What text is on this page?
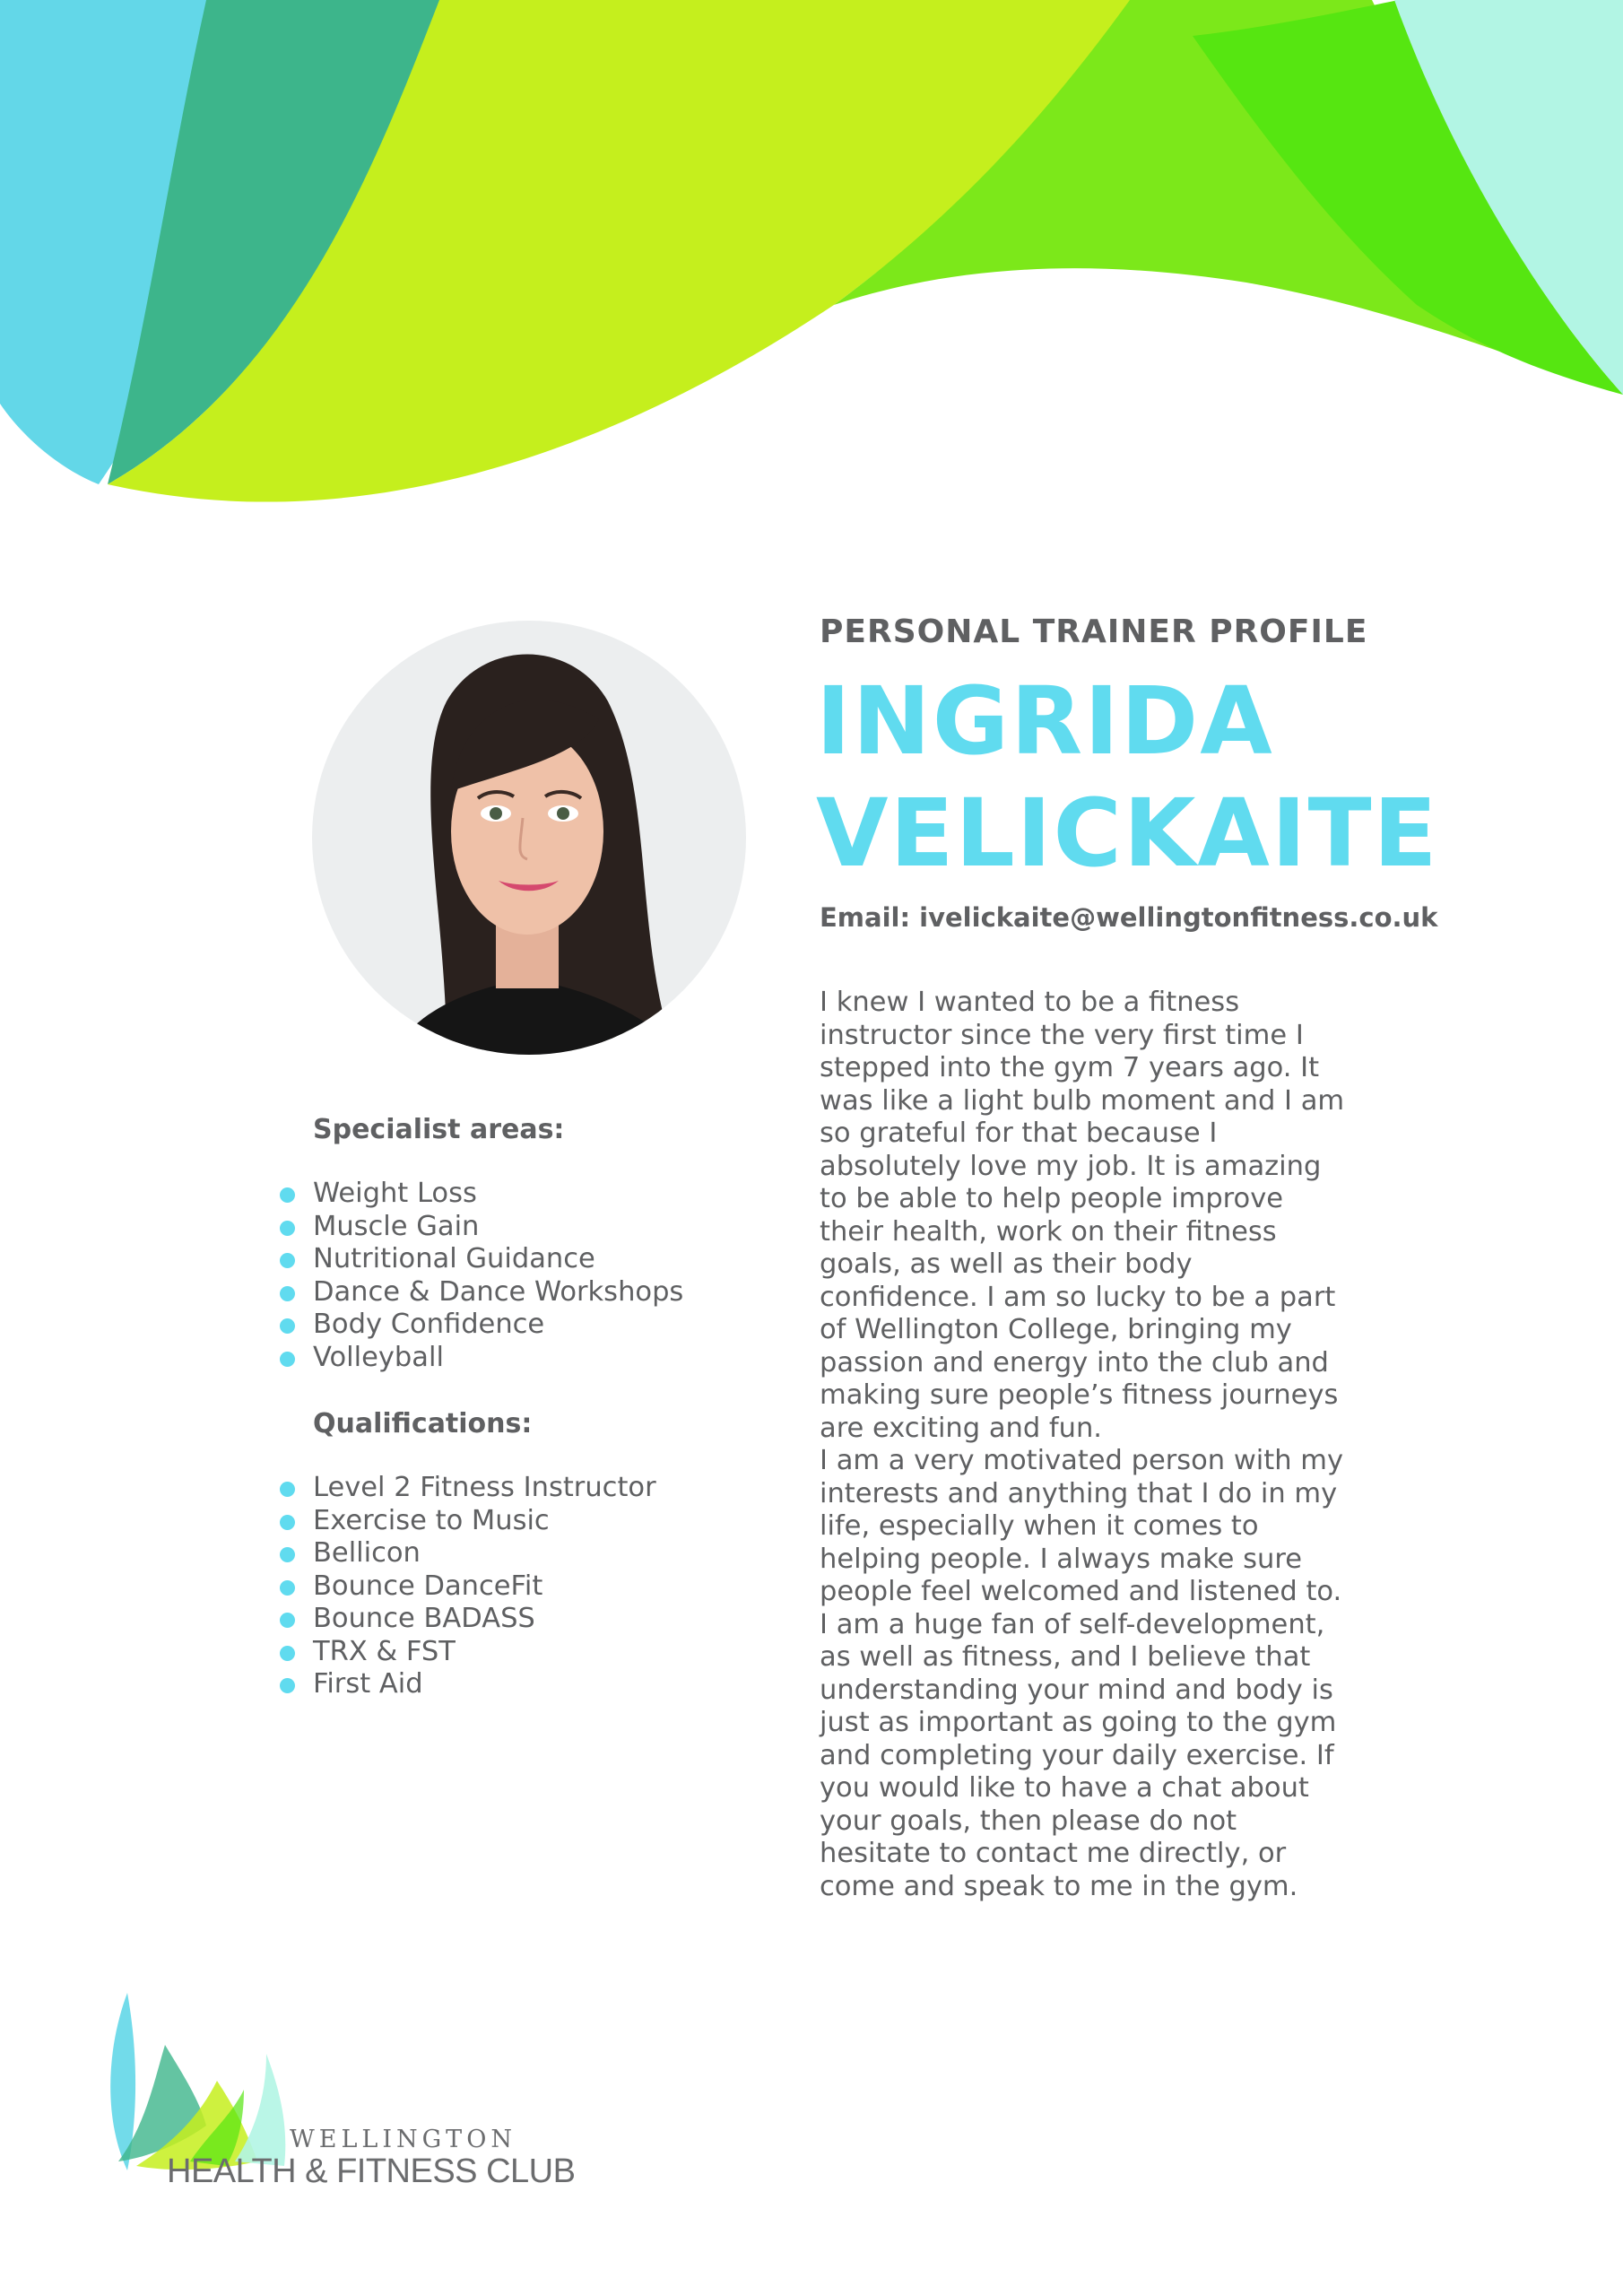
PERSONAL TRAINER PROFILE
INGRIDA
VELICKAITE
Email: ivelickaite@wellingtonfitness.co.uk

I knew I wanted to be a fitness instructor since the very first time I stepped into the gym 7 years ago. It was like a light bulb moment and I am so grateful for that because I absolutely love my job. It is amazing to be able to help people improve their health, work on their fitness goals, as well as their body confidence. I am so lucky to be a part of Wellington College, bringing my passion and energy into the club and making sure people’s fitness journeys are exciting and fun.

I am a very motivated person with my interests and anything that I do in my life, especially when it comes to helping people. I always make sure people feel welcomed and listened to. I am a huge fan of self-development, as well as fitness, and I believe that understanding your mind and body is just as important as going to the gym and completing your daily exercise. If you would like to have a chat about your goals, then please do not hesitate to contact me directly, or come and speak to me in the gym.

Specialist areas:
Weight Loss
Muscle Gain
Nutritional Guidance
Dance & Dance Workshops
Body Confidence
Volleyball
Qualifications:
Level 2 Fitness Instructor
Exercise to Music
Bellicon
Bounce DanceFit
Bounce BADASS
TRX & FST
First Aid
WELLINGTON
HEALTH & FITNESS CLUB
